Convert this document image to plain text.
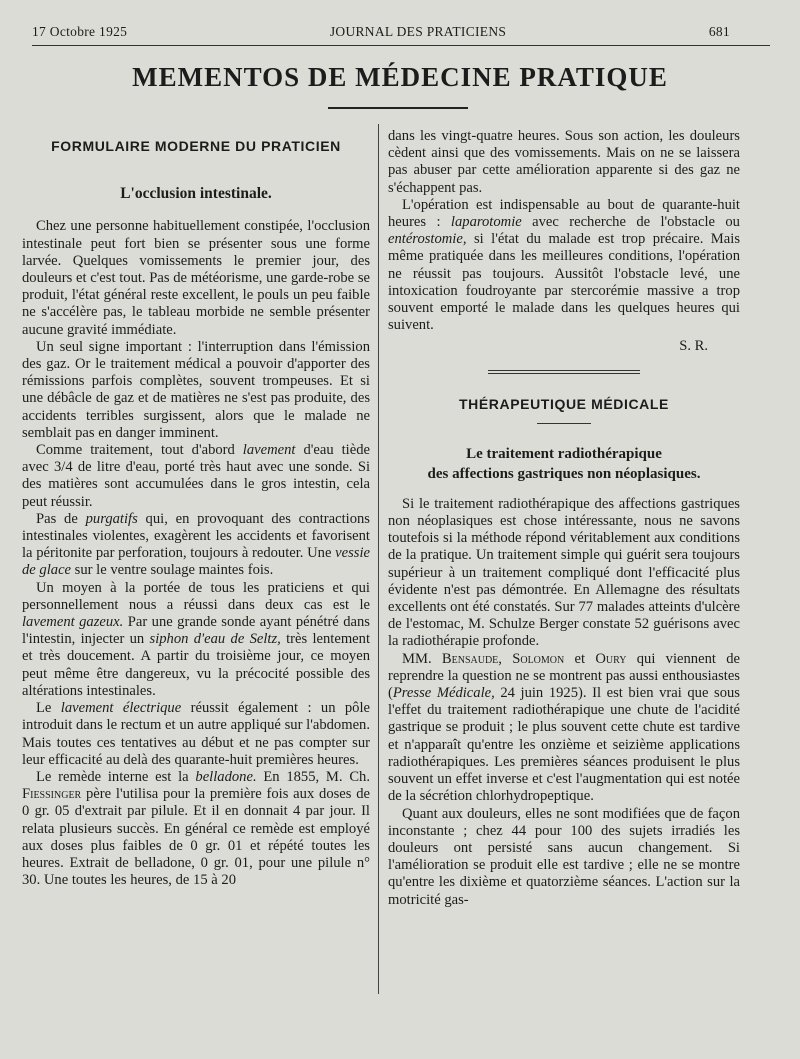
17 Octobre 1925	JOURNAL DES PRATICIENS	681
MEMENTOS DE MÉDECINE PRATIQUE
FORMULAIRE MODERNE DU PRATICIEN
L'occlusion intestinale.

Chez une personne habituellement constipée, l'occlusion intestinale peut fort bien se présenter sous une forme larvée. Quelques vomissements le premier jour, des douleurs et c'est tout. Pas de météorisme, une garde-robe se produit, l'état général reste excellent, le pouls un peu faible ne s'accélère pas, le tableau morbide ne semble présenter aucune gravité immédiate.

Un seul signe important : l'interruption dans l'émission des gaz. Or le traitement médical a pouvoir d'apporter des rémissions parfois complètes, souvent trompeuses. Et si une débâcle de gaz et de matières ne s'est pas produite, des accidents terribles surgissent, alors que le malade ne semblait pas en danger imminent.

Comme traitement, tout d'abord lavement d'eau tiède avec 3/4 de litre d'eau, porté très haut avec une sonde. Si des matières sont accumulées dans le gros intestin, cela peut réussir.

Pas de purgatifs qui, en provoquant des contractions intestinales violentes, exagèrent les accidents et favorisent la péritonite par perforation, toujours à redouter. Une vessie de glace sur le ventre soulage maintes fois.

Un moyen à la portée de tous les praticiens et qui personnellement nous a réussi dans deux cas est le lavement gazeux. Par une grande sonde ayant pénétré dans l'intestin, injecter un siphon d'eau de Seltz, très lentement et très doucement. A partir du troisième jour, ce moyen peut même être dangereux, vu la précocité possible des altérations intestinales.

Le lavement électrique réussit également : un pôle introduit dans le rectum et un autre appliqué sur l'abdomen. Mais toutes ces tentatives au début et ne pas compter sur leur efficacité au delà des quarante-huit premières heures.

Le remède interne est la belladone. En 1855, M. Ch. Fiessinger père l'utilisa pour la première fois aux doses de 0 gr. 05 d'extrait par pilule. Et il en donnait 4 par jour. Il relata plusieurs succès. En général ce remède est employé aux doses plus faibles de 0 gr. 01 et répété toutes les heures. Extrait de belladone, 0 gr. 01, pour une pilule n° 30. Une toutes les heures, de 15 à 20

dans les vingt-quatre heures. Sous son action, les douleurs cèdent ainsi que des vomissements. Mais on ne se laissera pas abuser par cette amélioration apparente si des gaz ne s'échappent pas.

L'opération est indispensable au bout de quarante-huit heures : laparotomie avec recherche de l'obstacle ou entérostomie, si l'état du malade est trop précaire. Mais même pratiquée dans les meilleures conditions, l'opération ne réussit pas toujours. Aussitôt l'obstacle levé, une intoxication foudroyante par stercorémie massive a trop souvent emporté le malade dans les quelques heures qui suivent.

S. R.
THÉRAPEUTIQUE MÉDICALE
Le traitement radiothérapique
des affections gastriques non néoplasiques.

Si le traitement radiothérapique des affections gastriques non néoplasiques est chose intéressante, nous ne savons toutefois si la méthode répond véritablement aux conditions de la pratique. Un traitement simple qui guérit sera toujours supérieur à un traitement compliqué dont l'efficacité plus évidente n'est pas démontrée. En Allemagne des résultats excellents ont été constatés. Sur 77 malades atteints d'ulcère de l'estomac, M. Schulze Berger constate 52 guérisons avec la radiothérapie profonde.

MM. Bensaude, Solomon et Oury qui viennent de reprendre la question ne se montrent pas aussi enthousiastes (Presse Médicale, 24 juin 1925). Il est bien vrai que sous l'effet du traitement radiothérapique une chute de l'acidité gastrique se produit ; le plus souvent cette chute est tardive et n'apparaît qu'entre les onzième et seizième applications radiothérapiques. Les premières séances produisent le plus souvent un effet inverse et c'est l'augmentation qui est notée de la sécrétion chlorhydropeptique.

Quant aux douleurs, elles ne sont modifiées que de façon inconstante ; chez 44 pour 100 des sujets irradiés les douleurs ont persisté sans aucun changement. Si l'amélioration se produit elle est tardive ; elle ne se montre qu'entre les dixième et quatorzième séances. L'action sur la motricité gas-
